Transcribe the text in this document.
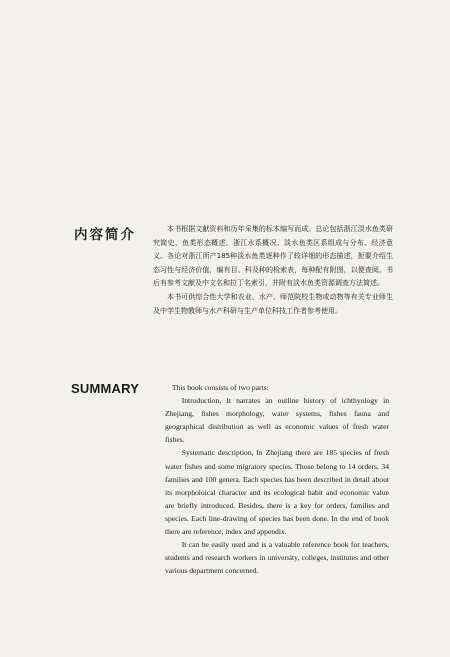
内容简介	本书根据文献资料和历年采集的标本编写而成。总论包括浙江淡水鱼类研究简史、鱼类形态概述、浙江水系概况、淡水鱼类区系组成与分布、经济意义。各论对浙江所产185种淡水鱼类逐种作了较详细的形态描述，扼要介绍生态习性与经济价值，编有目、科及种的检索表，每种配有附图，以便查阅。书后有参考文献及中文名和拉丁名索引，并附有淡水鱼类资源调查方法简述。

本书可供综合性大学和农业、水产、师范院校生物或动物等有关专业师生及中学生物教师与水产科研与生产单位科技工作者参考使用。

SUMMARY	This book consists of two parts:

Introduction, It narrates an outline history of ichthyology in Zhejiang, fishes morphology, water systems, fishes fauna and geographical distribution as well as economic values of fresh water fishes.

Systematic description, In Zhejiang there are 185 species of fresh water fishes and some migratory species. Those belong to 14 orders, 34 families and 100 genera. Each species has been described in detail about its morpholoical character and its ecological habit and economic value are briefly introduced. Besides, there is a key for orders, families and species. Each line-drawing of species has been done. In the end of book there are reference, index and appendix.

It can be easily used and is a valuable reference book for teachers, students and research workers in university, colleges, institutes and other various department concerned.
